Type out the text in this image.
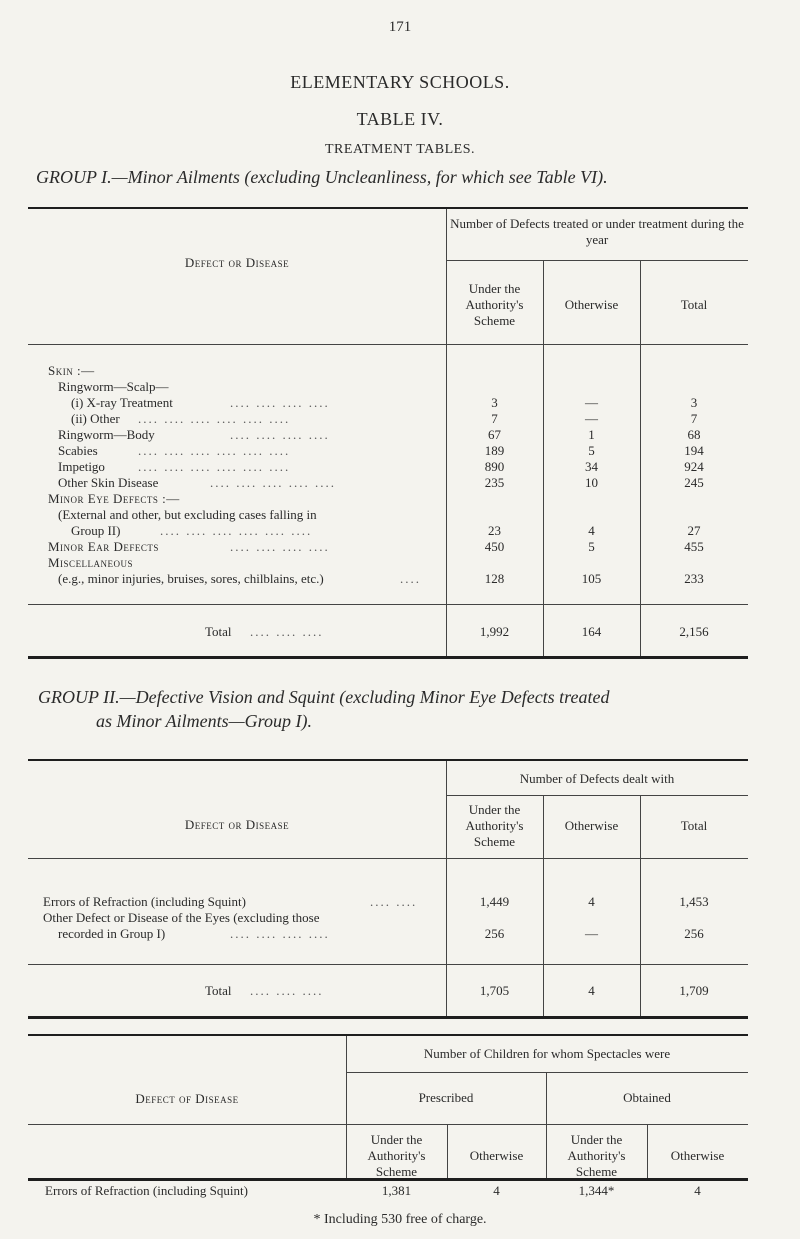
171
ELEMENTARY SCHOOLS.
TABLE IV.
TREATMENT TABLES.
GROUP I.—Minor Ailments (excluding Uncleanliness, for which see Table VI).
Defect or Disease
Number of Defects treated or under treatment during the year
Under the Authority's Scheme
Otherwise	Total
Skin :—
Ringworm—Scalp—
(i) X-ray Treatment	.... .... .... ....	3	—	3
(ii) Other .... .... .... .... .... ....	7	—	7
Ringworm—Body	.... .... .... ....	67	1	68
Scabies	.... .... .... .... .... ....	189	5	194
Impetigo	.... .... .... .... .... ....	890	34	924
Other Skin Disease	.... .... .... .... ....	235	10	245
Minor Eye Defects :—
(External and other, but excluding cases falling in
Group II)	.... .... .... .... .... ....	23	4	27
Minor Ear Defects	.... .... .... ....	450	5	455
Miscellaneous
(e.g., minor injuries, bruises, sores, chilblains, etc.)	....	128	105	233
Total .... .... ....	1,992	164	2,156
GROUP II.—Defective Vision and Squint (excluding Minor Eye Defects treated
as Minor Ailments—Group I).
Defect or Disease
Number of Defects dealt with
Under the Authority's Scheme
Otherwise	Total
Errors of Refraction (including Squint)	.... ....	1,449	4	1,453
Other Defect or Disease of the Eyes (excluding those
recorded in Group I)	.... .... .... ....	256	—	256
Total .... .... ....	1,705	4	1,709
Defect of Disease
Number of Children for whom Spectacles were
Prescribed	Obtained
Under the Authority's Scheme
Otherwise
Under the Authority's Scheme
Otherwise
Errors of Refraction (including Squint)	1,381	4	1,344*	4
* Including 530 free of charge.
